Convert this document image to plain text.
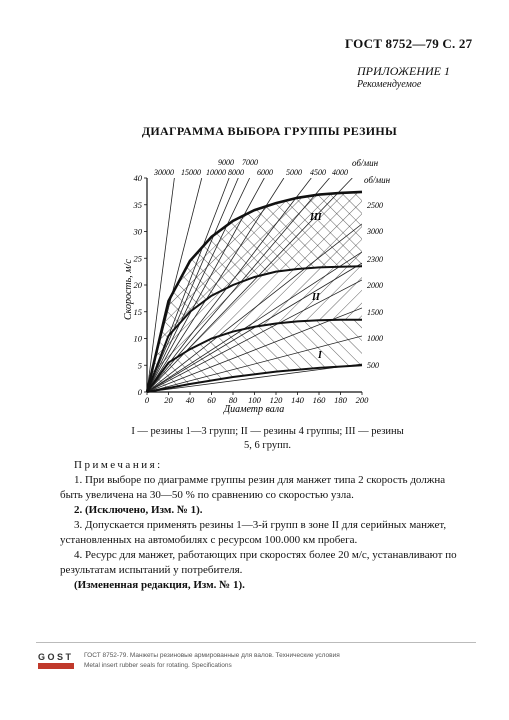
ГОСТ 8752—79 С. 27
ПРИЛОЖЕНИЕ 1
Рекомендуемое
ДИАГРАММА ВЫБОРА ГРУППЫ РЕЗИНЫ
0 20 40 60 80 100 120 140 160 180 200
0
5
10
15
20
25
30
35
40
30000 15000 10000 8000 6000 5000 4500 4000
9000 7000
2500
3000
2300
2000
1500
1000
500
Скорость, м/с
Диаметр вала
об/мин
об/мин
III
II
I
I — резины 1—3 групп; II — резины 4 группы; III — резины
5, 6 групп.

Примечания:

1. При выборе по диаграмме группы резин для манжет типа 2 скорость должна быть увеличена на 30—50 % по сравнению со скоростью узла.

2. (Исключено, Изм. № 1).

3. Допускается применять резины 1—3-й групп в зоне II для серийных манжет, установленных на автомобилях с ресурсом 100.000 км пробега.

4. Ресурс для манжет, работающих при скоростях более 20 м/с, устанавливают по результатам испытаний у потребителя.

(Измененная редакция, Изм. № 1).

GOST ГОСТ 8752-79. Манжеты резиновые армированные для валов. Технические условия
Metal insert rubber seals for rotating. Specifications
